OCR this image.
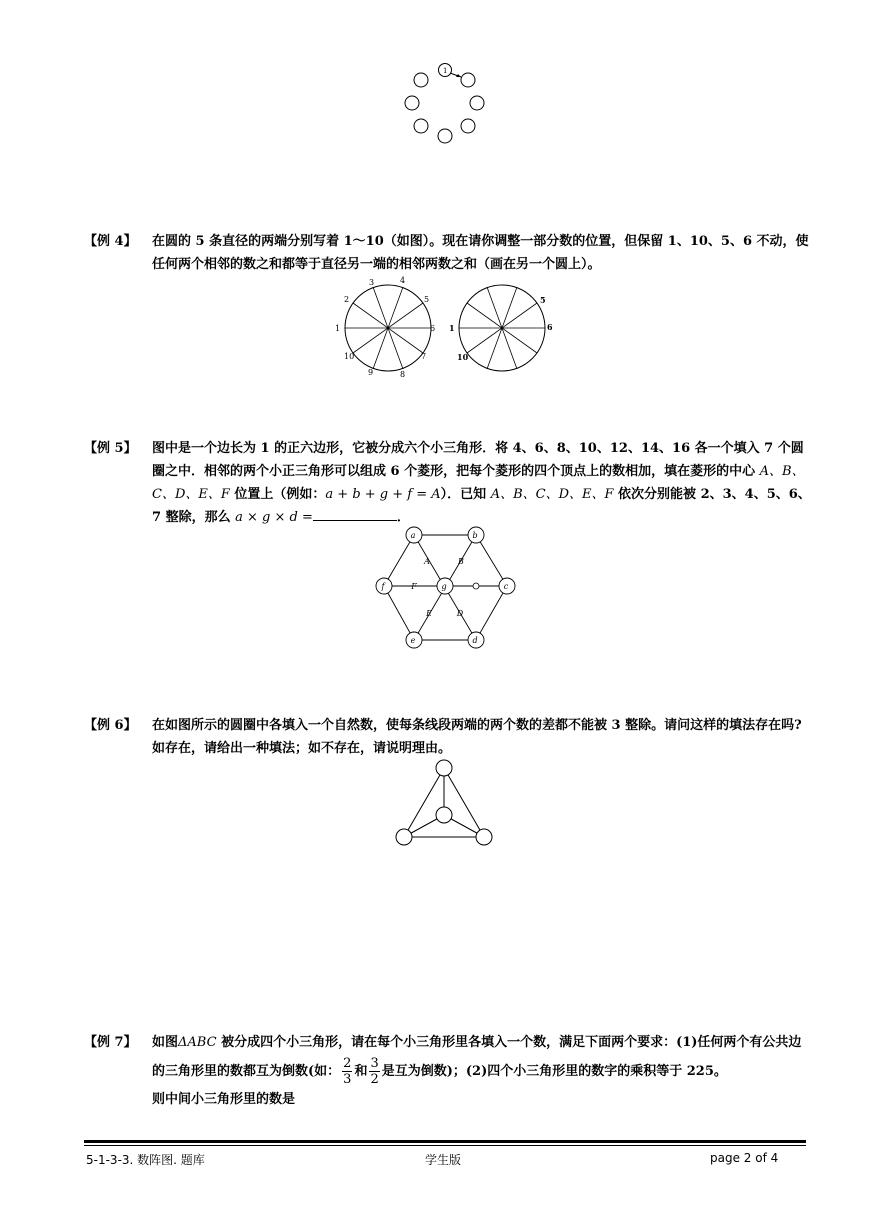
1
【例 4】 在圆的 5 条直径的两端分别写着 1～10（如图）。现在请你调整一部分数的位置，但保留 1、10、5、6 不动，使任何两个相邻的数之和都等于直径另一端的相邻两数之和（画在另一个圆上）。
1
2
3	4
5
6
7
8
9
10
1
5
6
10
【例 5】 图中是一个边长为 1 的正六边形，它被分成六个小三角形．将 4、6、8、10、12、14、16 各一个填入 7 个圆圈之中．相邻的两个小正三角形可以组成 6 个菱形，把每个菱形的四个顶点上的数相加，填在菱形的中心 A、B、C、D、E、F 位置上（例如：a + b + g + f = A）．已知 A、B、C、D、E、F 依次分别能被 2、3、4、5、6、7 整除，那么 a × g × d =	．
a	b
c
d
e
f	g
A	B
D
E
F
【例 6】 在如图所示的圆圈中各填入一个自然数，使每条线段两端的两个数的差都不能被 3 整除。请问这样的填法存在吗?如存在，请给出一种填法；如不存在，请说明理由。
【例 7】 如图ΔABC 被分成四个小三角形，请在每个小三角形里各填入一个数，满足下面两个要求：(1)任何两个有公共边的三角形里的数都互为倒数(如： $\frac{2}{3}$ 和 $\frac{3}{2}$ 是互为倒数)；(2)四个小三角形里的数字的乘积等于 225。
则中间小三角形里的数是
5-1-3-3. 数阵图. 题库	学生版	page 2 of 4
